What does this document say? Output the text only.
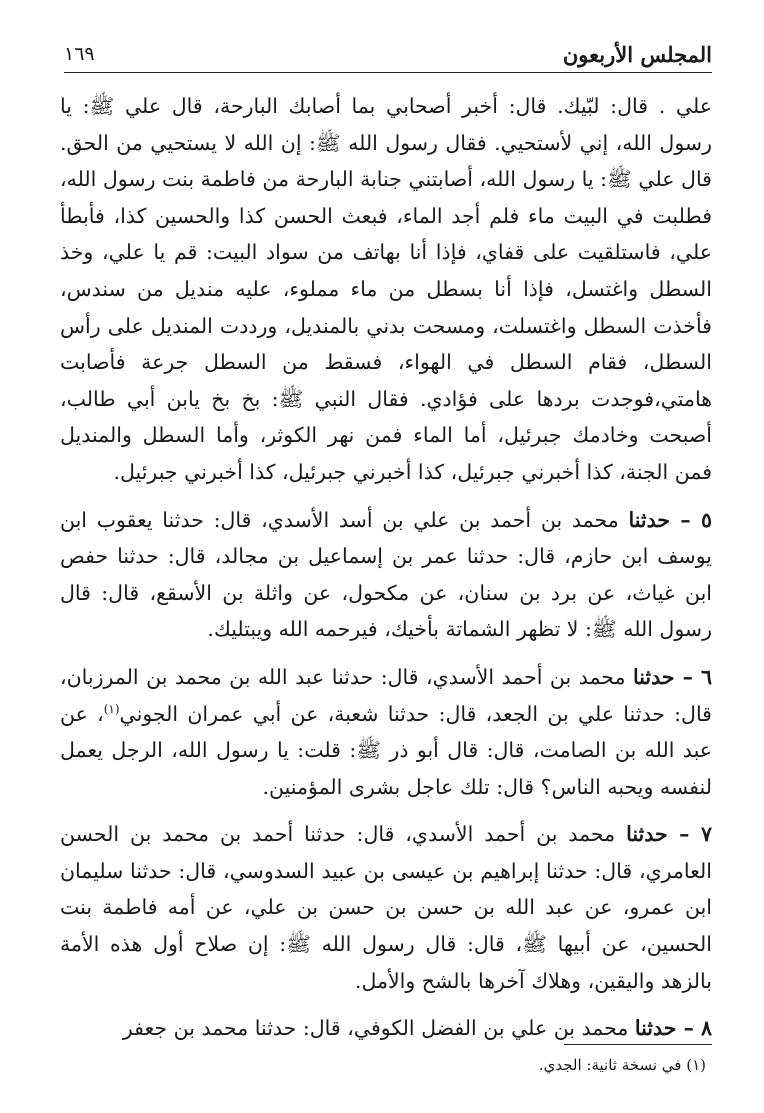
المجلس الأربعون
١٦٩

علي . قال: لبّيك. قال: أخبر أصحابي بما أصابك البارحة، قال علي ﷺ: يا رسول الله، إني لأستحيي. فقال رسول الله ﷺ: إن الله لا يستحيي من الحق. قال علي ﷺ: يا رسول الله، أصابتني جنابة البارحة من فاطمة بنت رسول الله، فطلبت في البيت ماء فلم أجد الماء، فبعث الحسن كذا والحسين كذا، فأبطأ علي، فاستلقيت على قفاي، فإذا أنا بهاتف من سواد البيت: قم يا علي، وخذ السطل واغتسل، فإذا أنا بسطل من ماء مملوء، عليه منديل من سندس، فأخذت السطل واغتسلت، ومسحت بدني بالمنديل، ورددت المنديل على رأس السطل، فقام السطل في الهواء، فسقط من السطل جرعة فأصابت هامتي،فوجدت بردها على فؤادي. فقال النبي ﷺ: بخ بخ يابن أبي طالب، أصبحت وخادمك جبرئيل، أما الماء فمن نهر الكوثر، وأما السطل والمنديل فمن الجنة، كذا أخبرني جبرئيل، كذا أخبرني جبرئيل، كذا أخبرني جبرئيل.

٥ – حدثنا محمد بن أحمد بن علي بن أسد الأسدي، قال: حدثنا يعقوب ابن يوسف ابن حازم، قال: حدثنا عمر بن إسماعيل بن مجالد، قال: حدثنا حفص ابن غياث، عن برد بن سنان، عن مكحول، عن واثلة بن الأسقع، قال: قال رسول الله ﷺ: لا تظهر الشماتة بأخيك، فيرحمه الله ويبتليك.

٦ – حدثنا محمد بن أحمد الأسدي، قال: حدثنا عبد الله بن محمد بن المرزبان، قال: حدثنا علي بن الجعد، قال: حدثنا شعبة، عن أبي عمران الجوني$^{(١)}$، عن عبد الله بن الصامت، قال: قال أبو ذر ﷺ: قلت: يا رسول الله، الرجل يعمل لنفسه ويحبه الناس؟ قال: تلك عاجل بشرى المؤمنين.

٧ – حدثنا محمد بن أحمد الأسدي، قال: حدثنا أحمد بن محمد بن الحسن العامري، قال: حدثنا إبراهيم بن عيسى بن عبيد السدوسي، قال: حدثنا سليمان ابن عمرو، عن عبد الله بن حسن بن حسن بن علي، عن أمه فاطمة بنت الحسين، عن أبيها ﷺ، قال: قال رسول الله ﷺ: إن صلاح أول هذه الأمة بالزهد واليقين، وهلاك آخرها بالشح والأمل.

٨ – حدثنا محمد بن علي بن الفضل الكوفي، قال: حدثنا محمد بن جعفر

(١) في نسخة ثانية: الجدي.
